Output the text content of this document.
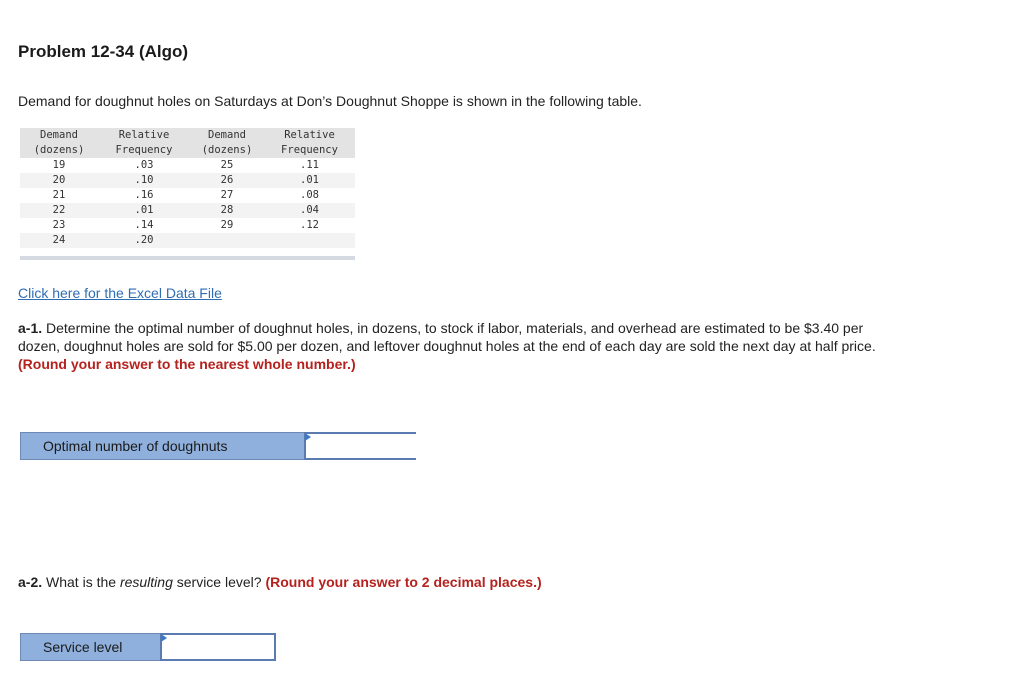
Problem 12-34 (Algo)
Demand for doughnut holes on Saturdays at Don’s Doughnut Shoppe is shown in the following table.
Demand	Relative	Demand	Relative
(dozens)	Frequency	(dozens)	Frequency
19	.03	25	.11
20	.10	26	.01
21	.16	27	.08
22	.01	28	.04
23	.14	29	.12
24	.20		
Click here for the Excel Data File
a-1. Determine the optimal number of doughnut holes, in dozens, to stock if labor, materials, and overhead are estimated to be $3.40 per dozen, doughnut holes are sold for $5.00 per dozen, and leftover doughnut holes at the end of each day are sold the next day at half price. (Round your answer to the nearest whole number.)
Optimal number of doughnuts
a-2. What is the resulting service level? (Round your answer to 2 decimal places.)
Service level
